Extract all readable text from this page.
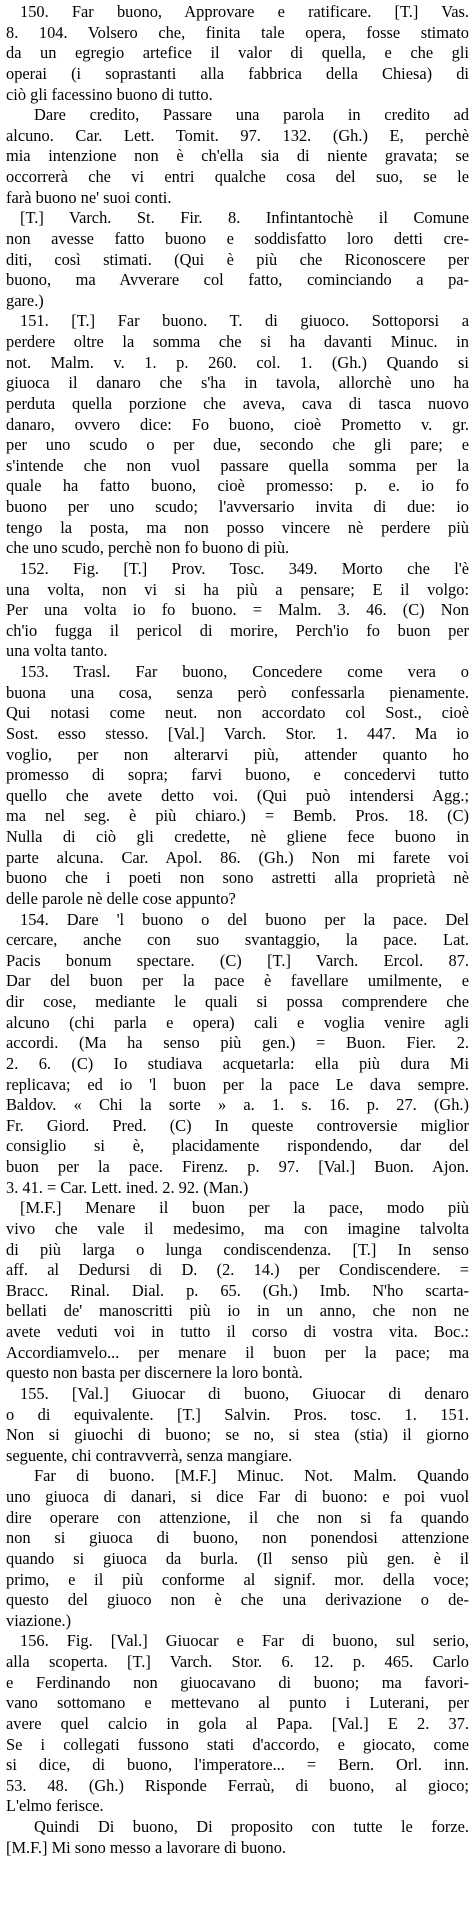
150. Far buono, Approvare e ratificare. [T.] Vas.
8. 104. Volsero che, finita tale opera, fosse stimato
da un egregio artefice il valor di quella, e che gli
operai (i soprastanti alla fabbrica della Chiesa) di
ciò gli facessino buono di tutto.
Dare credito, Passare una parola in credito ad
alcuno. Car. Lett. Tomit. 97. 132. (Gh.) E, perchè
mia intenzione non è ch'ella sia di niente gravata; se
occorrerà che vi entri qualche cosa del suo, se le
farà buono ne' suoi conti.
[T.] Varch. St. Fir. 8. Infintantochè il Comune
non avesse fatto buono e soddisfatto loro detti cre-
diti, così stimati. (Qui è più che Riconoscere per
buono, ma Avverare col fatto, cominciando a pa-
gare.)
151. [T.] Far buono. T. di giuoco. Sottoporsi a
perdere oltre la somma che si ha davanti Minuc. in
not. Malm. v. 1. p. 260. col. 1. (Gh.) Quando si
giuoca il danaro che s'ha in tavola, allorchè uno ha
perduta quella porzione che aveva, cava di tasca nuovo
danaro, ovvero dice: Fo buono, cioè Prometto v. gr.
per uno scudo o per due, secondo che gli pare; e
s'intende che non vuol passare quella somma per la
quale ha fatto buono, cioè promesso: p. e. io fo
buono per uno scudo; l'avversario invita di due: io
tengo la posta, ma non posso vincere nè perdere più
che uno scudo, perchè non fo buono di più.
152. Fig. [T.] Prov. Tosc. 349. Morto che l'è
una volta, non vi si ha più a pensare; E il volgo:
Per una volta io fo buono. = Malm. 3. 46. (C) Non
ch'io fugga il pericol di morire, Perch'io fo buon per
una volta tanto.
153. Trasl. Far buono, Concedere come vera o
buona una cosa, senza però confessarla pienamente.
Qui notasi come neut. non accordato col Sost., cioè
Sost. esso stesso. [Val.] Varch. Stor. 1. 447. Ma io
voglio, per non alterarvi più, attender quanto ho
promesso di sopra; farvi buono, e concedervi tutto
quello che avete detto voi. (Qui può intendersi Agg.;
ma nel seg. è più chiaro.) = Bemb. Pros. 18. (C)
Nulla di ciò gli credette, nè gliene fece buono in
parte alcuna. Car. Apol. 86. (Gh.) Non mi farete voi
buono che i poeti non sono astretti alla proprietà nè
delle parole nè delle cose appunto?
154. Dare 'l buono o del buono per la pace. Del
cercare, anche con suo svantaggio, la pace. Lat.
Pacis bonum spectare. (C) [T.] Varch. Ercol. 87.
Dar del buon per la pace è favellare umilmente, e
dir cose, mediante le quali si possa comprendere che
alcuno (chi parla e opera) cali e voglia venire agli
accordi. (Ma ha senso più gen.) = Buon. Fier. 2.
2. 6. (C) Io studiava acquetarla: ella più dura Mi
replicava; ed io 'l buon per la pace Le dava sempre.
Baldov. « Chi la sorte » a. 1. s. 16. p. 27. (Gh.)
Fr. Giord. Pred. (C) In queste controversie miglior
consiglio si è, placidamente rispondendo, dar del
buon per la pace. Firenz. p. 97. [Val.] Buon. Ajon.
3. 41. = Car. Lett. ined. 2. 92. (Man.)
[M.F.] Menare il buon per la pace, modo più
vivo che vale il medesimo, ma con imagine talvolta
di più larga o lunga condiscendenza. [T.] In senso
aff. al Dedursi di D. (2. 14.) per Condiscendere. =
Bracc. Rinal. Dial. p. 65. (Gh.) Imb. N'ho scarta-
bellati de' manoscritti più io in un anno, che non ne
avete veduti voi in tutto il corso di vostra vita. Boc.:
Accordiamvelo... per menare il buon per la pace; ma
questo non basta per discernere la loro bontà.
155. [Val.] Giuocar di buono, Giuocar di denaro
o di equivalente. [T.] Salvin. Pros. tosc. 1. 151.
Non si giuochi di buono; se no, si stea (stia) il giorno
seguente, chi contravverrà, senza mangiare.
Far di buono. [M.F.] Minuc. Not. Malm. Quando
uno giuoca di danari, si dice Far di buono: e poi vuol
dire operare con attenzione, il che non si fa quando
non si giuoca di buono, non ponendosi attenzione
quando si giuoca da burla. (Il senso più gen. è il
primo, e il più conforme al signif. mor. della voce;
questo del giuoco non è che una derivazione o de-
viazione.)
156. Fig. [Val.] Giuocar e Far di buono, sul serio,
alla scoperta. [T.] Varch. Stor. 6. 12. p. 465. Carlo
e Ferdinando non giuocavano di buono; ma favori-
vano sottomano e mettevano al punto i Luterani, per
avere quel calcio in gola al Papa. [Val.] E 2. 37.
Se i collegati fussono stati d'accordo, e giocato, come
si dice, di buono, l'imperatore... = Bern. Orl. inn.
53. 48. (Gh.) Risponde Ferraù, di buono, al gioco;
L'elmo ferisce.
Quindi Di buono, Di proposito con tutte le forze.
[M.F.] Mi sono messo a lavorare di buono.
